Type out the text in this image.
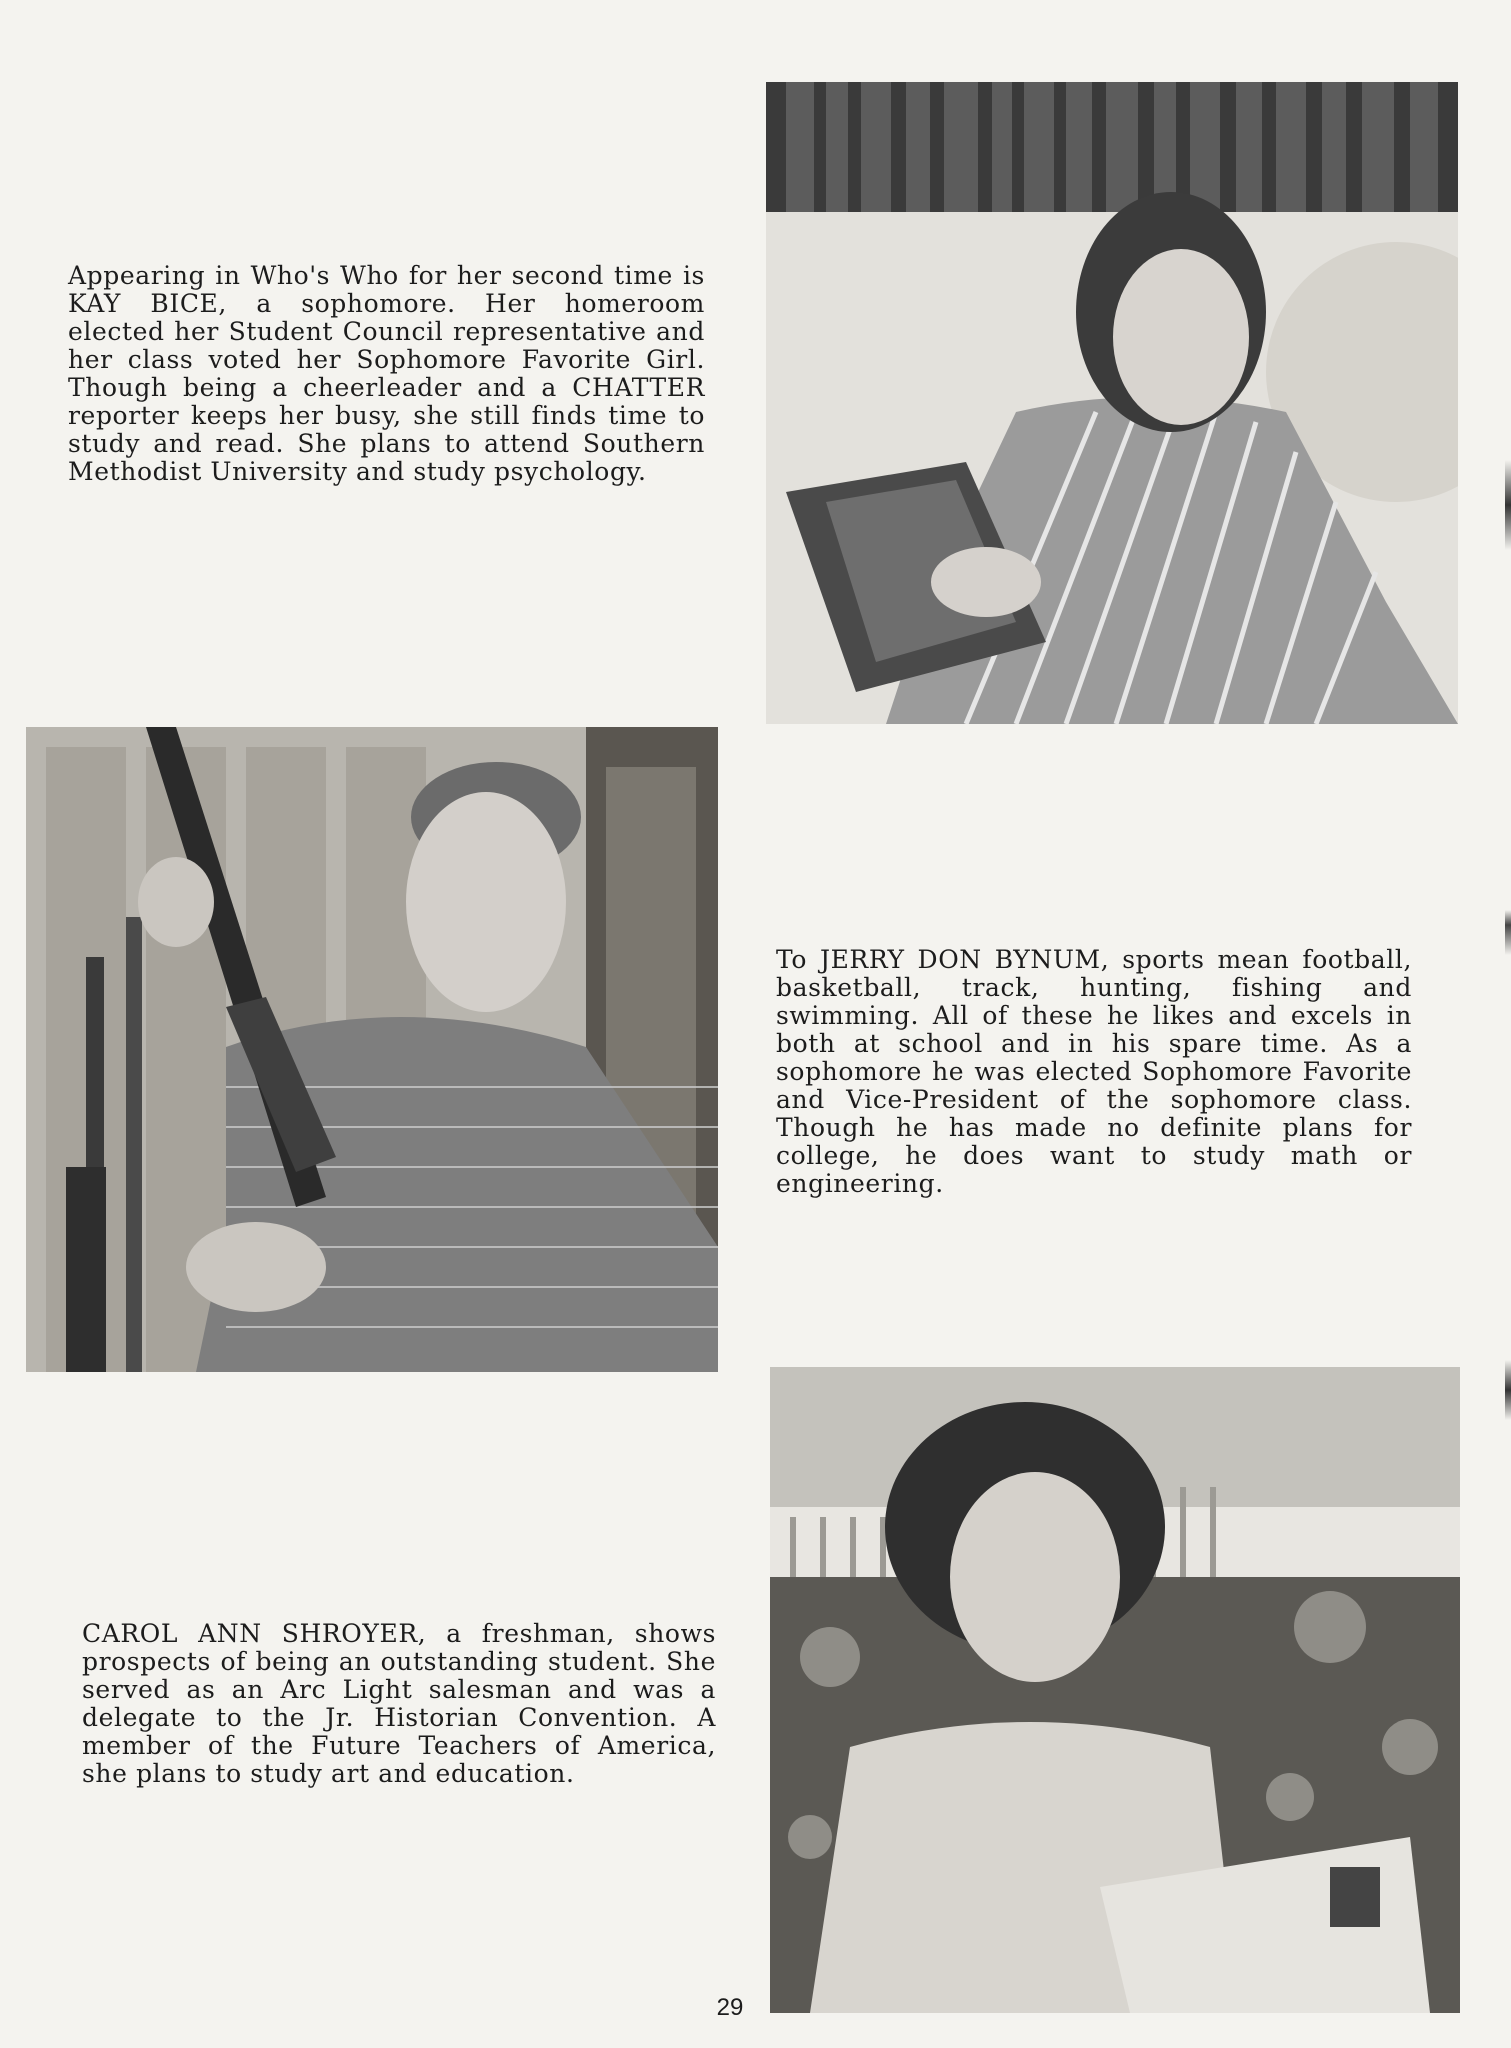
Appearing in Who's Who for her second time is KAY BICE, a sophomore. Her homeroom elected her Student Council representative and her class voted her Sophomore Favorite Girl. Though being a cheerleader and a CHATTER reporter keeps her busy, she still finds time to study and read. She plans to attend Southern Methodist University and study psychology.

To JERRY DON BYNUM, sports mean football, basketball, track, hunting, fishing and swimming. All of these he likes and excels in both at school and in his spare time. As a sophomore he was elected Sophomore Favorite and Vice-President of the sophomore class. Though he has made no definite plans for college, he does want to study math or engineering.

CAROL ANN SHROYER, a freshman, shows prospects of being an outstanding student. She served as an Arc Light salesman and was a delegate to the Jr. Historian Convention. A member of the Future Teachers of America, she plans to study art and education.

29
